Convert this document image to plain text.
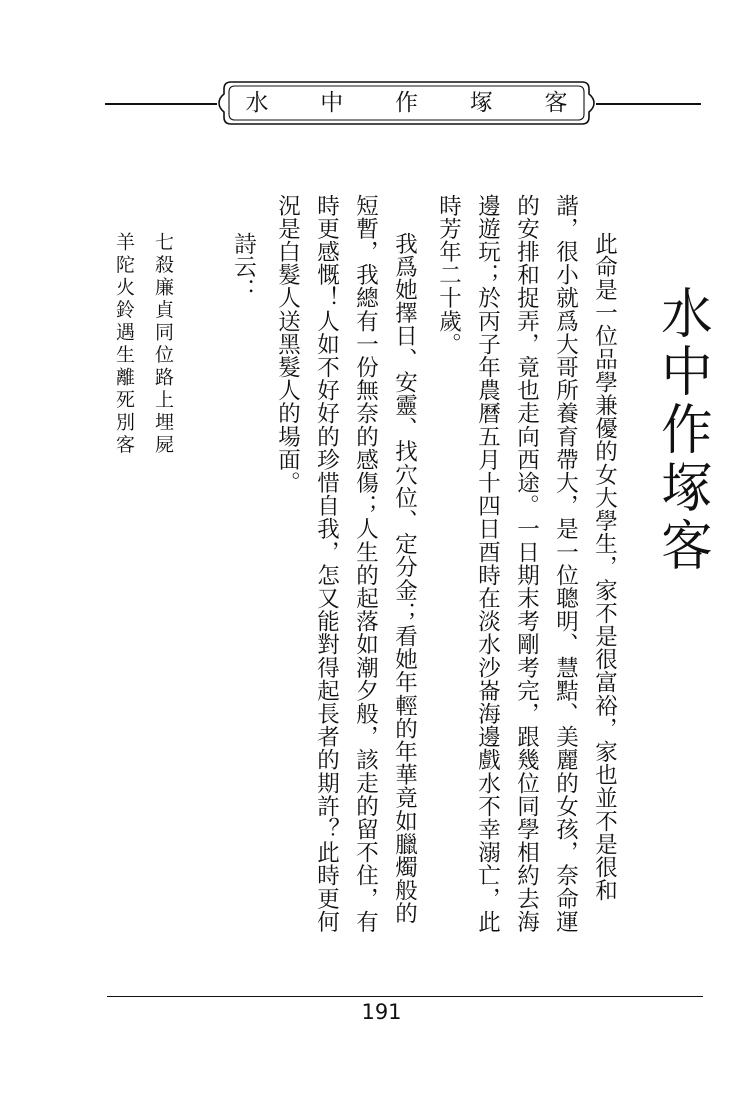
水	中	作	塚	客
水中作塚客
此命是一位品學兼優的女大學生，家不是很富裕，家也並不是很和
諧，很小就爲大哥所養育帶大，是一位聰明、慧黠、美麗的女孩，奈命運
的安排和捉弄，竟也走向西途。一日期末考剛考完，跟幾位同學相約去海
邊遊玩；於丙子年農曆五月十四日酉時在淡水沙崙海邊戲水不幸溺亡，此
時芳年二十歲。
我爲她擇日、安靈、找穴位、定分金；看她年輕的年華竟如臘燭般的
短暫，我總有一份無奈的感傷；人生的起落如潮夕般，該走的留不住，有
時更感慨！人如不好好的珍惜自我，怎又能對得起長者的期許？此時更何
況是白髮人送黑髮人的場面。
詩云：
七殺廉貞同位路上埋屍
羊陀火鈴遇生離死別客
191
